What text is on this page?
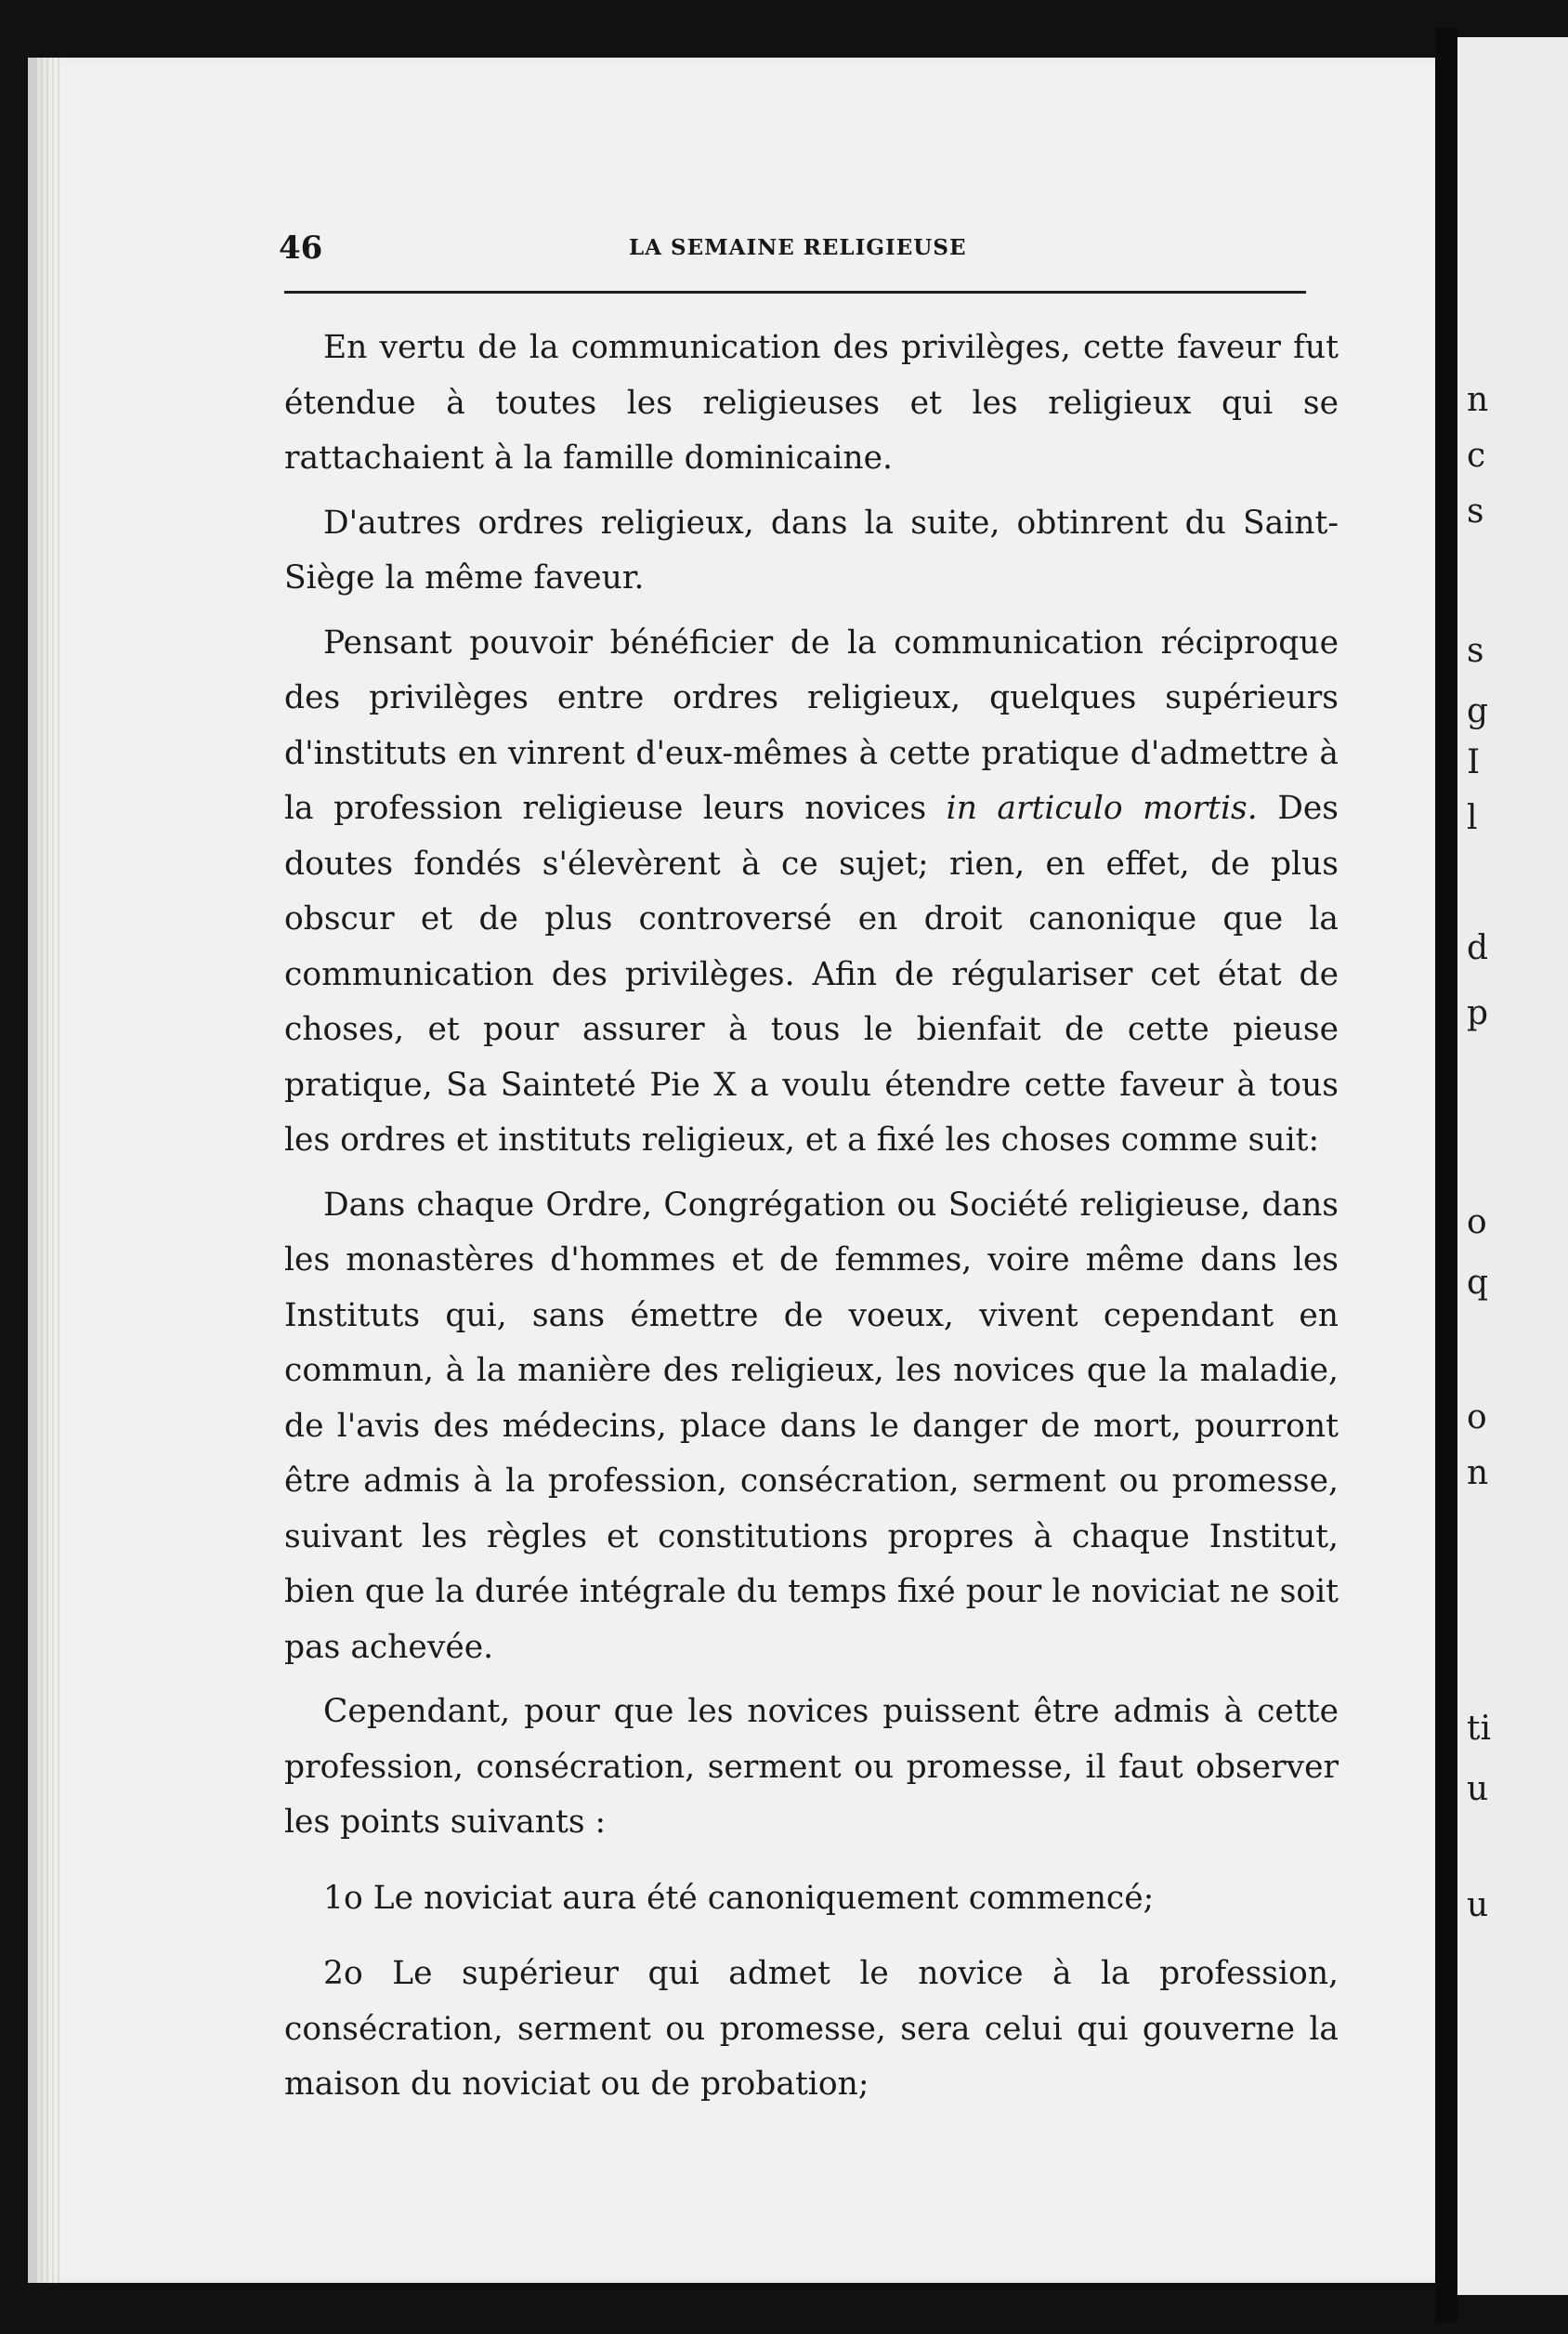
46	LA SEMAINE RELIGIEUSE

En vertu de la communication des privilèges, cette faveur fut étendue à toutes les religieuses et les religieux qui se rattachaient à la famille dominicaine.

D'autres ordres religieux, dans la suite, obtinrent du Saint-Siège la même faveur.

Pensant pouvoir bénéficier de la communication réciproque des privilèges entre ordres religieux, quelques supérieurs d'instituts en vinrent d'eux-mêmes à cette pratique d'admettre à la profession religieuse leurs novices in articulo mortis. Des doutes fondés s'élevèrent à ce sujet; rien, en effet, de plus obscur et de plus controversé en droit canonique que la communication des privilèges. Afin de régulariser cet état de choses, et pour assurer à tous le bienfait de cette pieuse pratique, Sa Sainteté Pie X a voulu étendre cette faveur à tous les ordres et instituts religieux, et a fixé les choses comme suit:

Dans chaque Ordre, Congrégation ou Société religieuse, dans les monastères d'hommes et de femmes, voire même dans les Instituts qui, sans émettre de voeux, vivent cependant en commun, à la manière des religieux, les novices que la maladie, de l'avis des médecins, place dans le danger de mort, pourront être admis à la profession, consécration, serment ou promesse, suivant les règles et constitutions propres à chaque Institut, bien que la durée intégrale du temps fixé pour le noviciat ne soit pas achevée.

Cependant, pour que les novices puissent être admis à cette profession, consécration, serment ou promesse, il faut observer les points suivants :

1o Le noviciat aura été canoniquement commencé;

2o Le supérieur qui admet le novice à la profession, consécration, serment ou promesse, sera celui qui gouverne la maison du noviciat ou de probation;

n
c
s
s
g
I
l
d
p
o
q
o
n
ti
u
u
